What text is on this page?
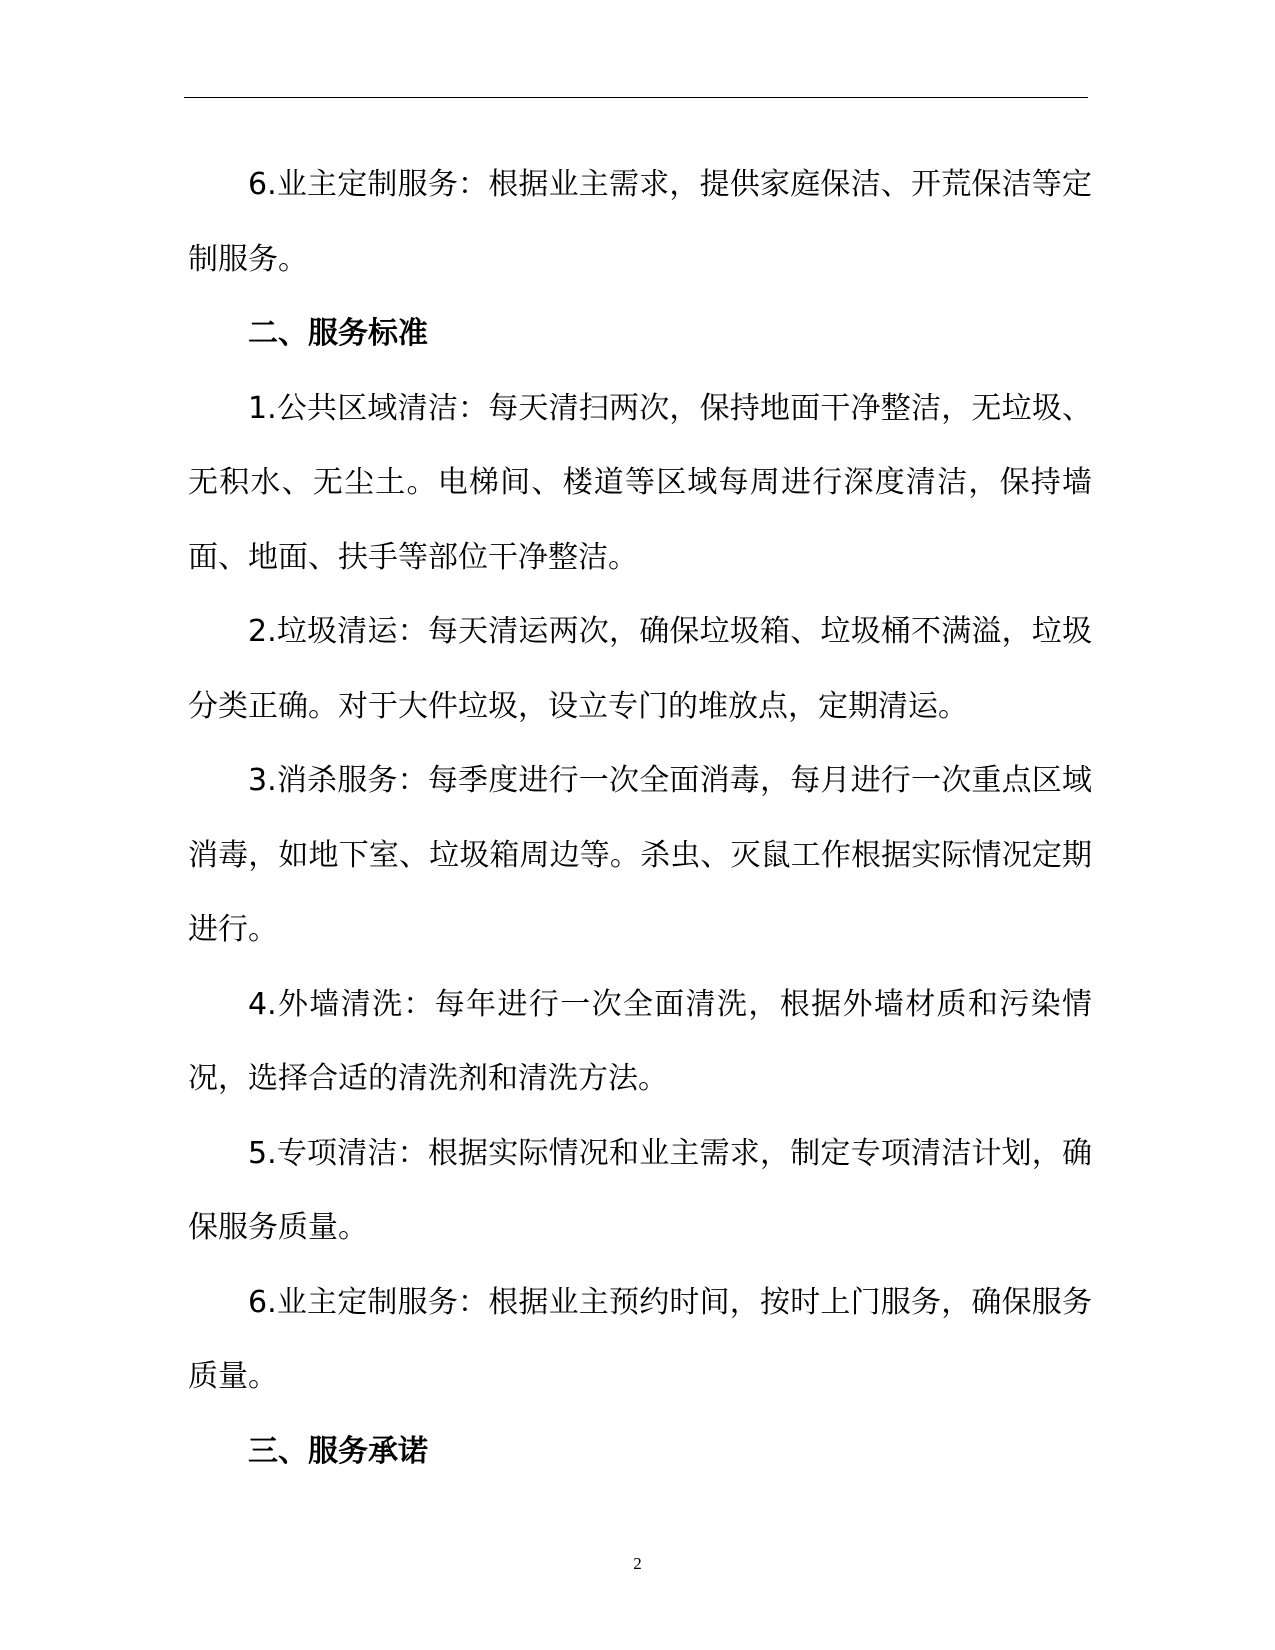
6.业主定制服务：根据业主需求，提供家庭保洁、开荒保洁等定制服务。

二、服务标准

1.公共区域清洁：每天清扫两次，保持地面干净整洁，无垃圾、无积水、无尘土。电梯间、楼道等区域每周进行深度清洁，保持墙面、地面、扶手等部位干净整洁。

2.垃圾清运：每天清运两次，确保垃圾箱、垃圾桶不满溢，垃圾分类正确。对于大件垃圾，设立专门的堆放点，定期清运。

3.消杀服务：每季度进行一次全面消毒，每月进行一次重点区域消毒，如地下室、垃圾箱周边等。杀虫、灭鼠工作根据实际情况定期进行。

4.外墙清洗：每年进行一次全面清洗，根据外墙材质和污染情况，选择合适的清洗剂和清洗方法。

5.专项清洁：根据实际情况和业主需求，制定专项清洁计划，确保服务质量。

6.业主定制服务：根据业主预约时间，按时上门服务，确保服务质量。

三、服务承诺

2
